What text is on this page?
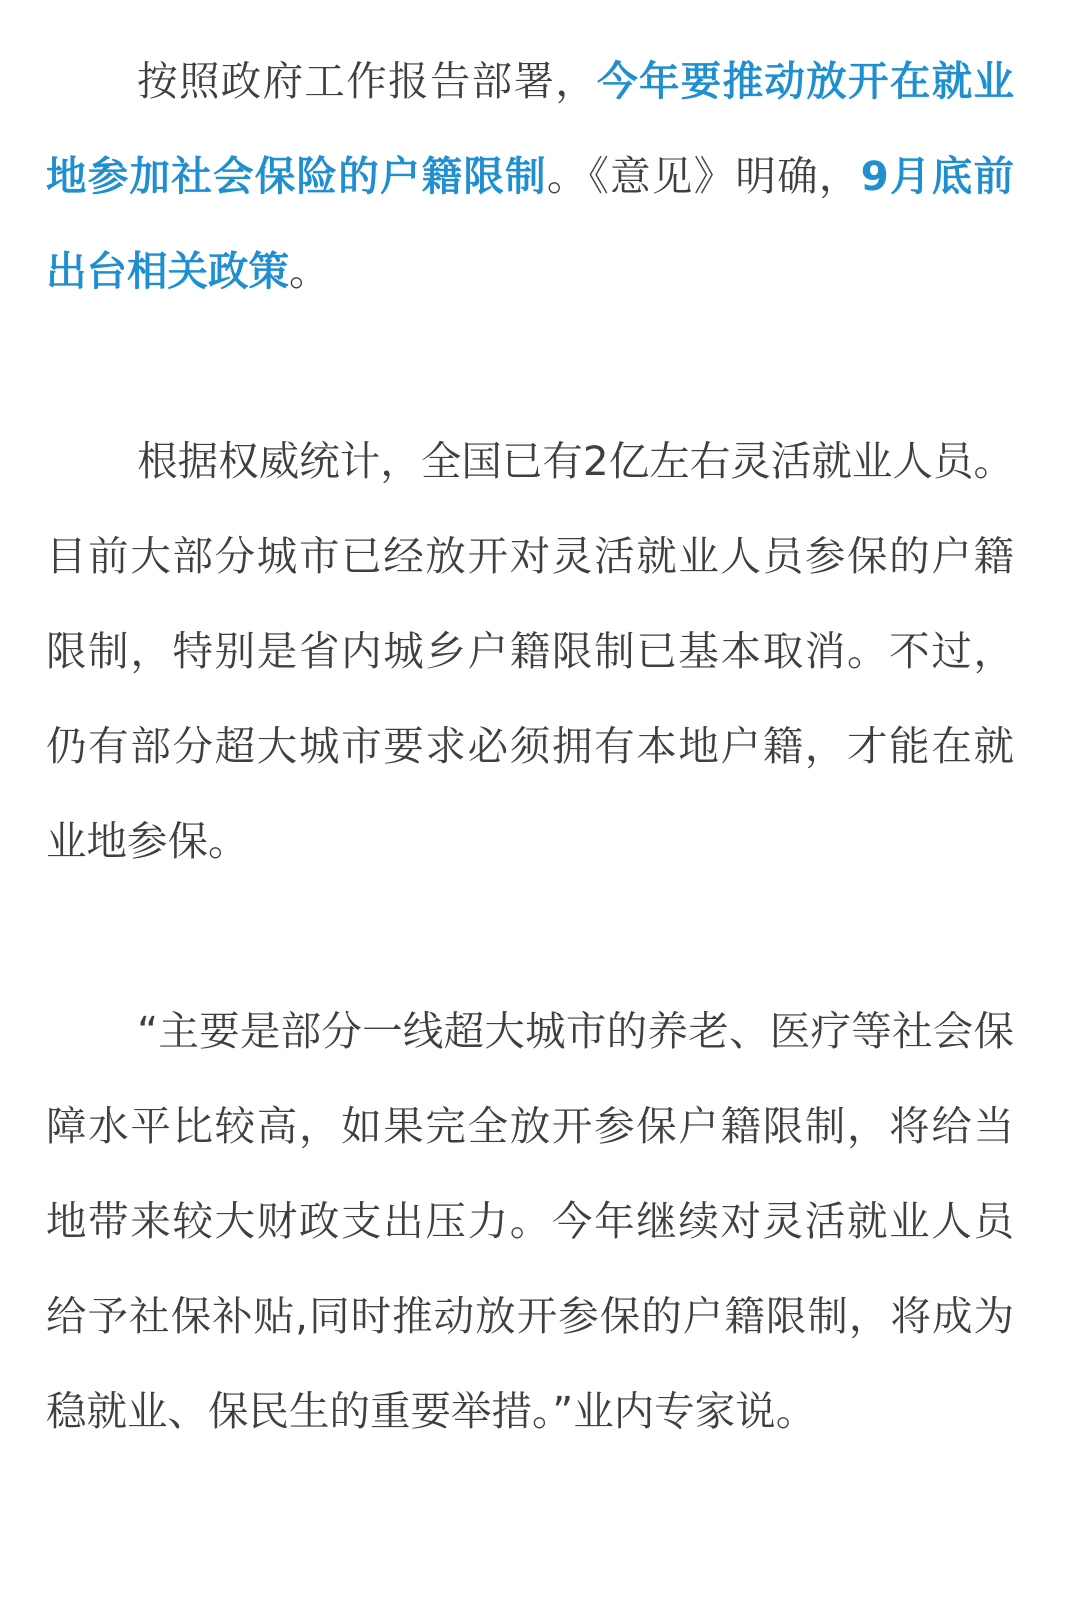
按照政府工作报告部署，今年要推动放开在就业地参加社会保险的户籍限制。《意见》明确，9月底前出台相关政策。

根据权威统计，全国已有2亿左右灵活就业人员。目前大部分城市已经放开对灵活就业人员参保的户籍限制，特别是省内城乡户籍限制已基本取消。不过，仍有部分超大城市要求必须拥有本地户籍，才能在就业地参保。

“主要是部分一线超大城市的养老、医疗等社会保障水平比较高，如果完全放开参保户籍限制，将给当地带来较大财政支出压力。今年继续对灵活就业人员给予社保补贴,同时推动放开参保的户籍限制，将成为稳就业、保民生的重要举措。”业内专家说。
